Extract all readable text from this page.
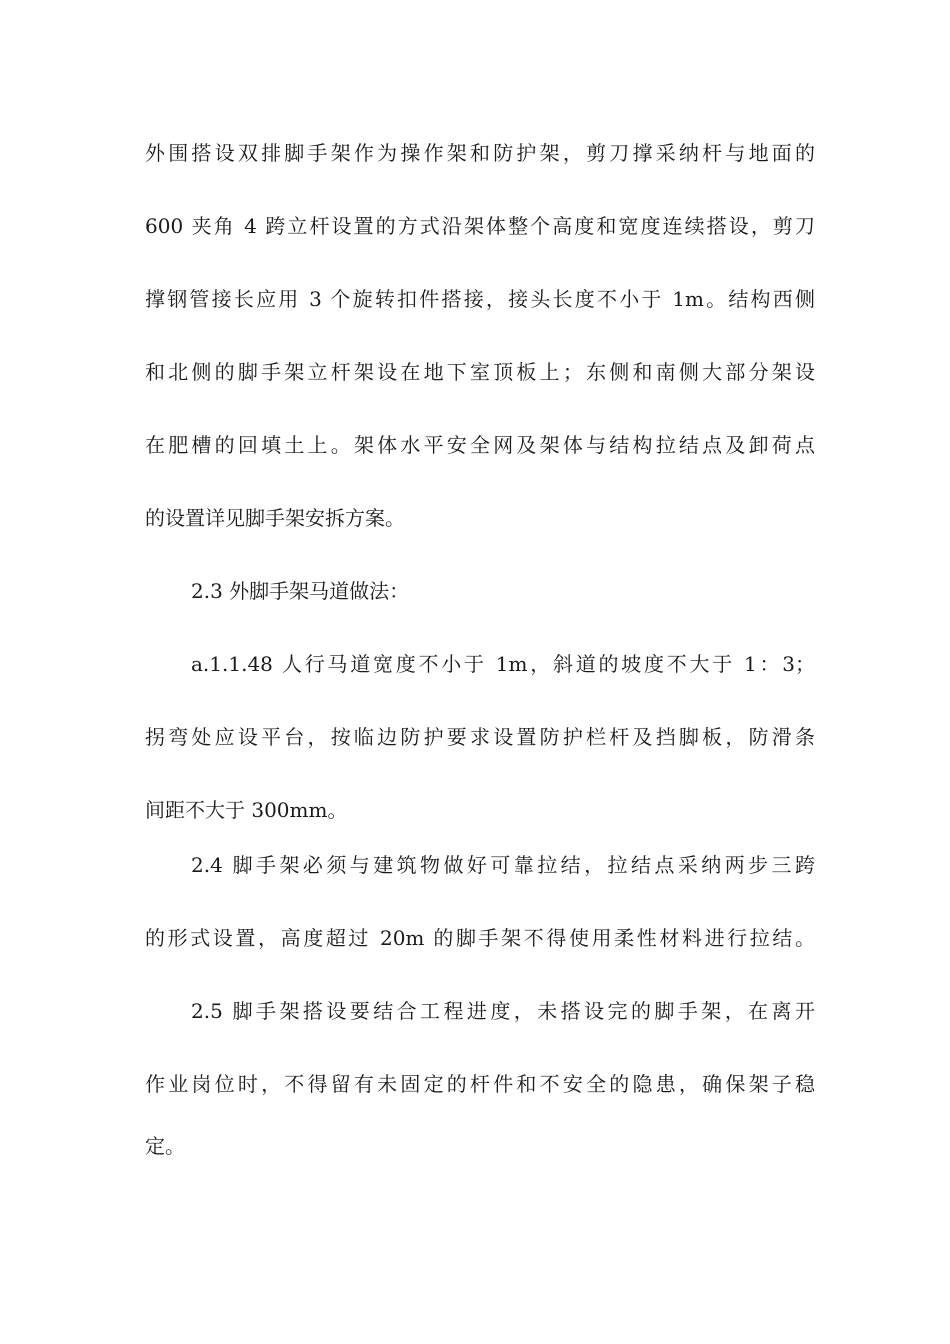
外围搭设双排脚手架作为操作架和防护架，剪刀撑采纳杆与地面的
600 夹角 4 跨立杆设置的方式沿架体整个高度和宽度连续搭设，剪刀
撑钢管接长应用 3 个旋转扣件搭接，接头长度不小于 1m。结构西侧
和北侧的脚手架立杆架设在地下室顶板上；东侧和南侧大部分架设
在肥槽的回填土上。架体水平安全网及架体与结构拉结点及卸荷点
的设置详见脚手架安拆方案。
2.3 外脚手架马道做法：
a.1.1.48 人行马道宽度不小于 1m，斜道的坡度不大于 1：3；
拐弯处应设平台，按临边防护要求设置防护栏杆及挡脚板，防滑条
间距不大于 300mm。
2.4 脚手架必须与建筑物做好可靠拉结，拉结点采纳两步三跨
的形式设置，高度超过 20m 的脚手架不得使用柔性材料进行拉结。
2.5 脚手架搭设要结合工程进度，未搭设完的脚手架，在离开
作业岗位时，不得留有未固定的杆件和不安全的隐患，确保架子稳
定。
